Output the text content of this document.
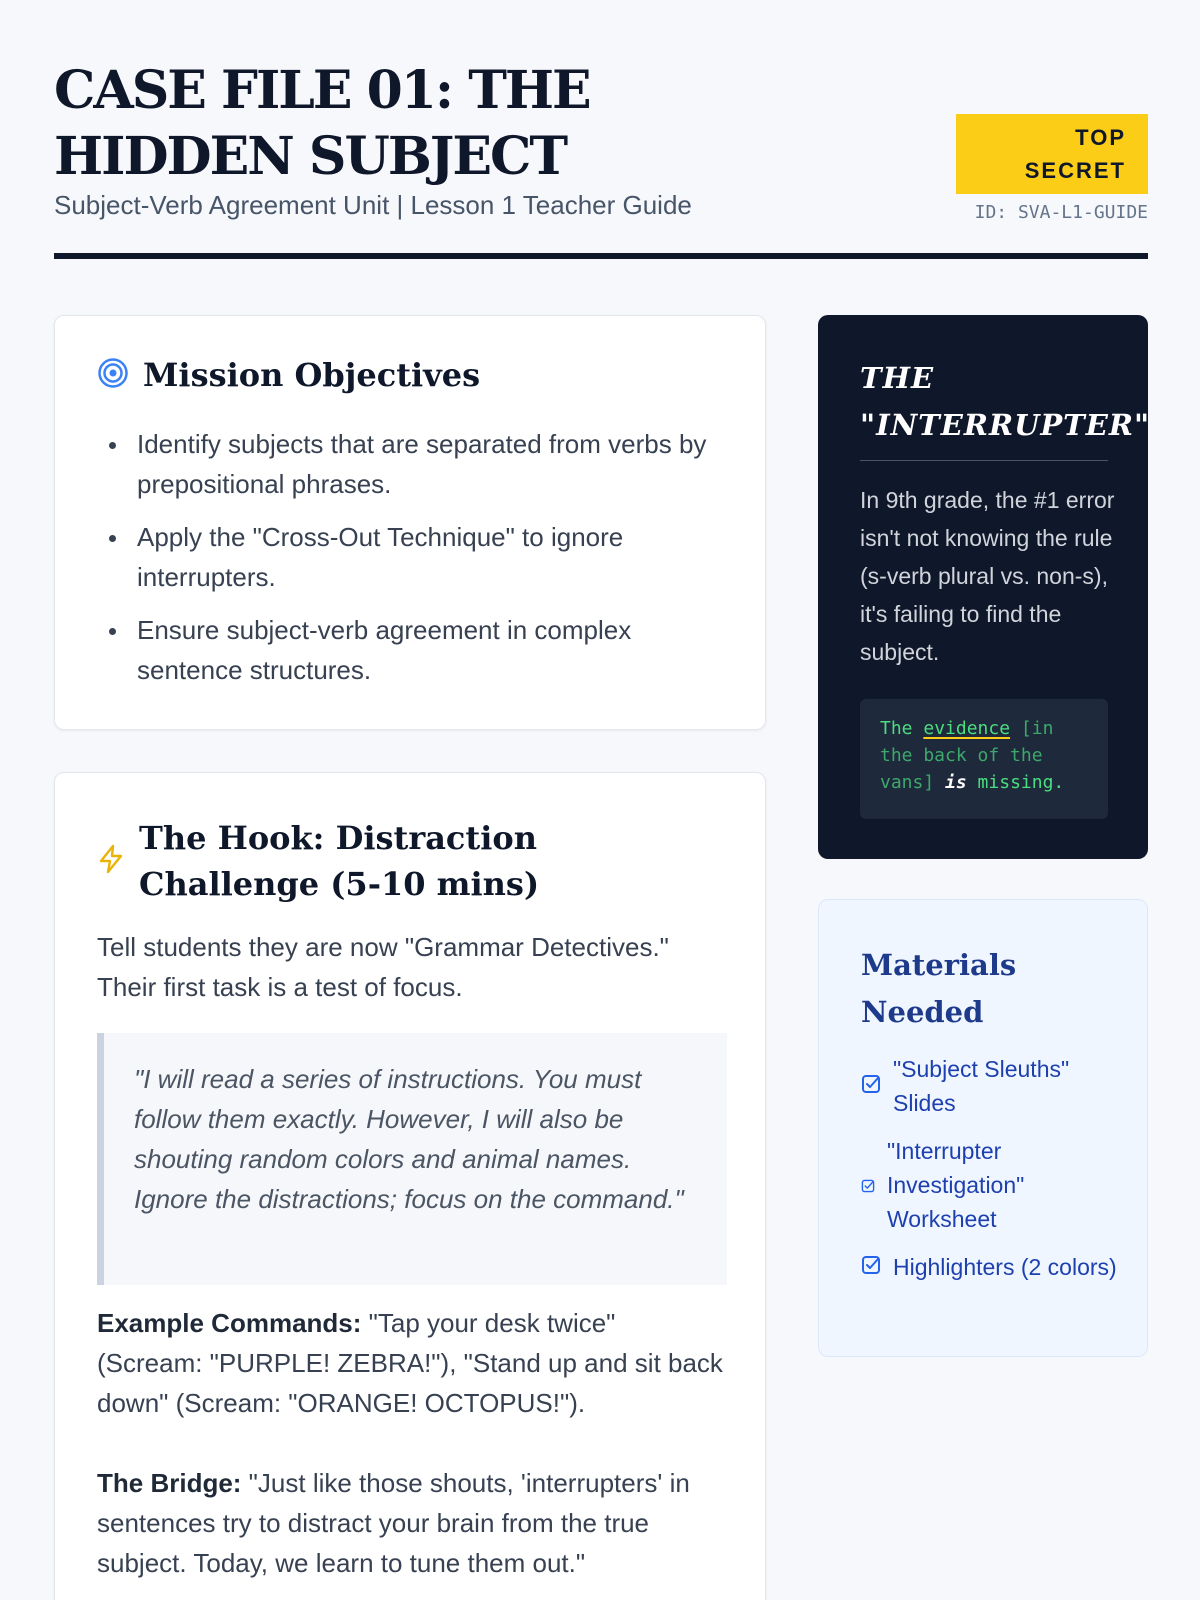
CASE FILE 01: THE HIDDEN SUBJECT
Subject-Verb Agreement Unit | Lesson 1 Teacher Guide
TOP SECRET
ID: SVA-L1-GUIDE
Mission Objectives
Identify subjects that are separated from verbs by prepositional phrases.
Apply the "Cross-Out Technique" to ignore interrupters.
Ensure subject-verb agreement in complex sentence structures.
The Hook: Distraction Challenge (5-10 mins)

Tell students they are now "Grammar Detectives." Their first task is a test of focus.

"I will read a series of instructions. You must follow them exactly. However, I will also be shouting random colors and animal names. Ignore the distractions; focus on the command."

Example Commands: "Tap your desk twice" (Scream: "PURPLE! ZEBRA!"), "Stand up and sit back down" (Scream: "ORANGE! OCTOPUS!").

The Bridge: "Just like those shouts, 'interrupters' in sentences try to distract your brain from the true subject. Today, we learn to tune them out."

THE "INTERRUPTER"

In 9th grade, the #1 error isn't not knowing the rule (s-verb plural vs. non-s), it's failing to find the subject.

The evidence [in the back of the vans] is missing.
Materials Needed
"Subject Sleuths" Slides
"Interrupter Investigation" Worksheet
Highlighters (2 colors)
